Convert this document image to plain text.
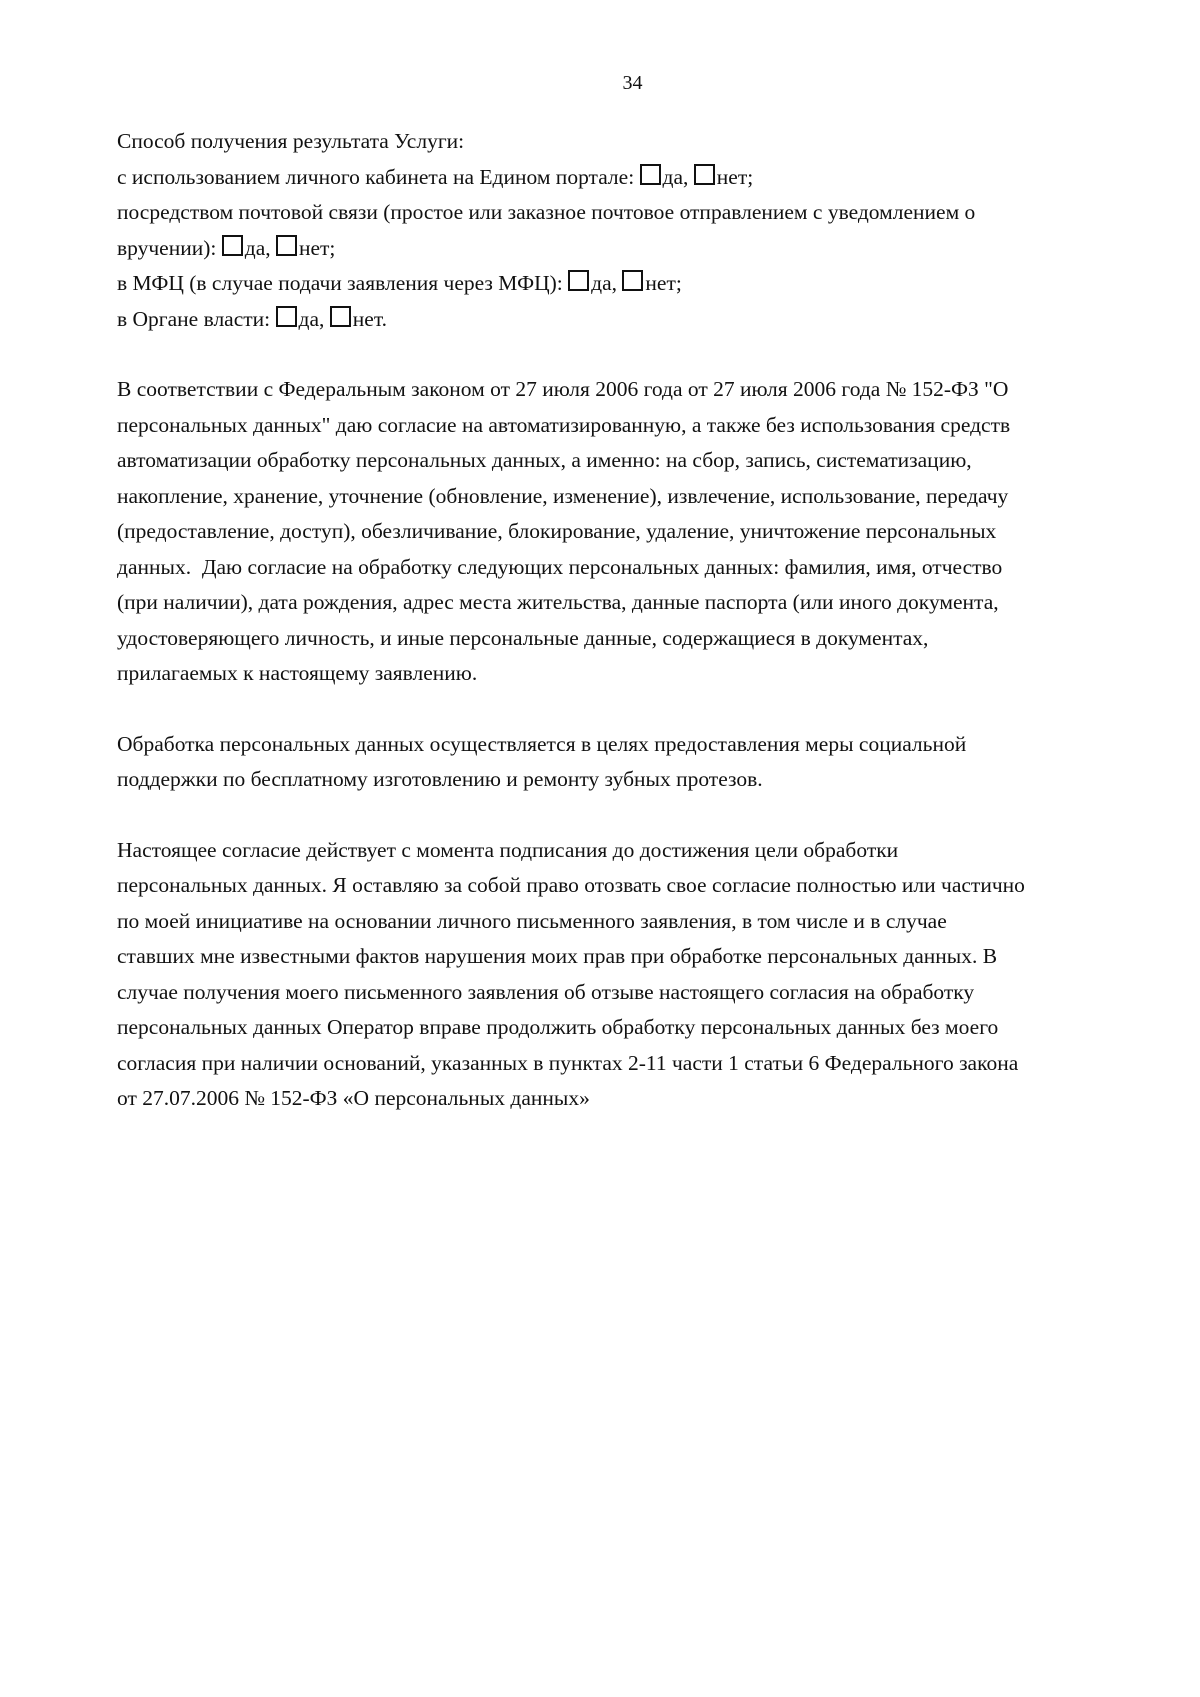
34
Способ получения результата Услуги:
с использованием личного кабинета на Едином портале: да, нет;
посредством почтовой связи (простое или заказное почтовое отправлением с уведомлением о
вручении): да, нет;
в МФЦ (в случае подачи заявления через МФЦ): да, нет;
в Органе власти: да, нет.
В соответствии с Федеральным законом от 27 июля 2006 года от 27 июля 2006 года № 152-ФЗ "О
персональных данных" даю согласие на автоматизированную, а также без использования средств
автоматизации обработку персональных данных, а именно: на сбор, запись, систематизацию,
накопление, хранение, уточнение (обновление, изменение), извлечение, использование, передачу
(предоставление, доступ), обезличивание, блокирование, удаление, уничтожение персональных
данных.  Даю согласие на обработку следующих персональных данных: фамилия, имя, отчество
(при наличии), дата рождения, адрес места жительства, данные паспорта (или иного документа,
удостоверяющего личность, и иные персональные данные, содержащиеся в документах,
прилагаемых к настоящему заявлению.
Обработка персональных данных осуществляется в целях предоставления меры социальной
поддержки по бесплатному изготовлению и ремонту зубных протезов.
Настоящее согласие действует с момента подписания до достижения цели обработки
персональных данных. Я оставляю за собой право отозвать свое согласие полностью или частично
по моей инициативе на основании личного письменного заявления, в том числе и в случае
ставших мне известными фактов нарушения моих прав при обработке персональных данных. В
случае получения моего письменного заявления об отзыве настоящего согласия на обработку
персональных данных Оператор вправе продолжить обработку персональных данных без моего
согласия при наличии оснований, указанных в пунктах 2-11 части 1 статьи 6 Федерального закона
от 27.07.2006 № 152-ФЗ «О персональных данных»
